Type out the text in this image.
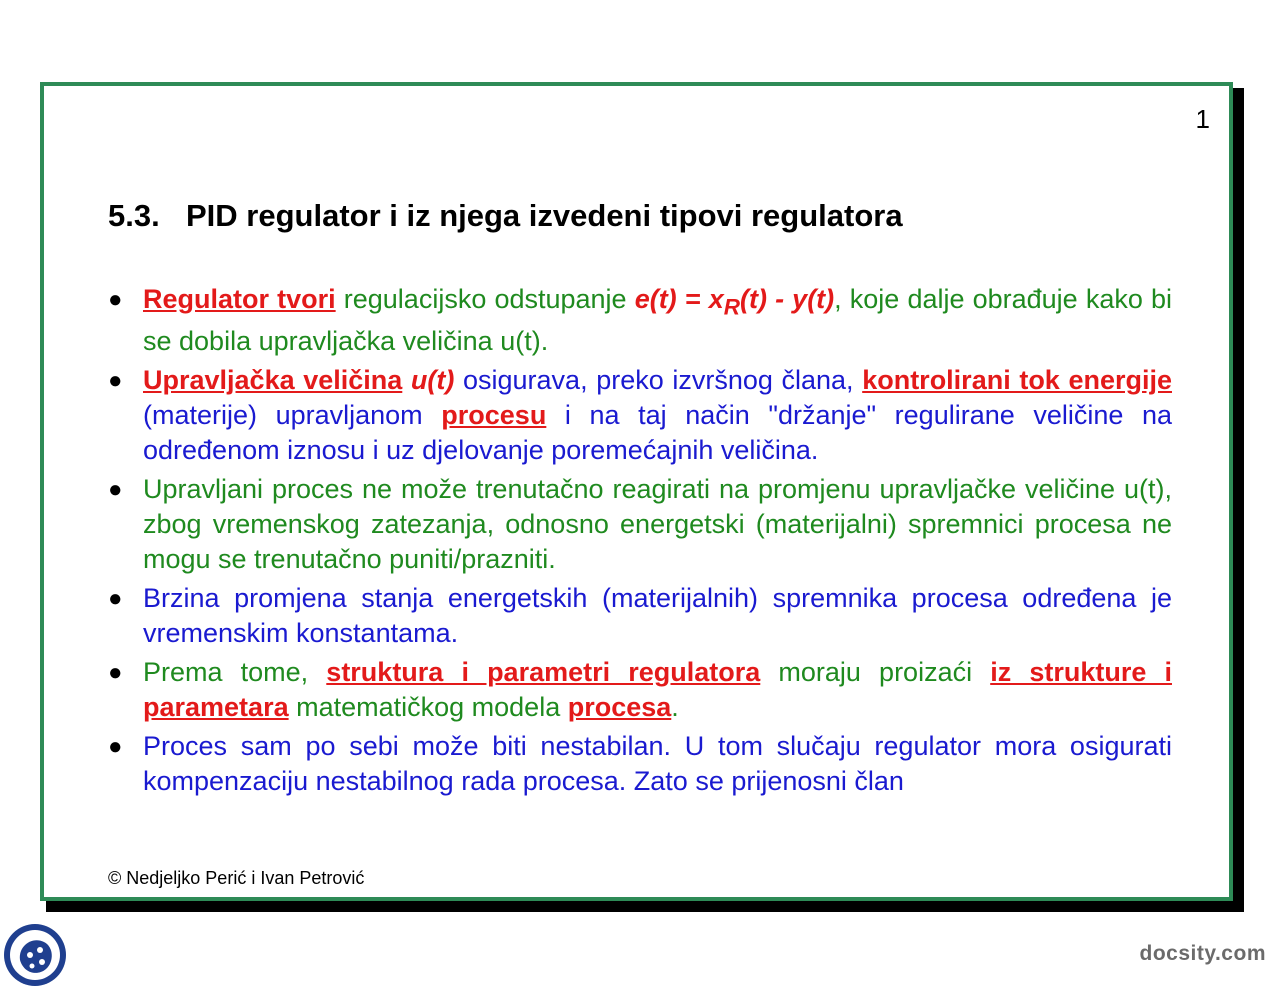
1
5.3. PID regulator i iz njega izvedeni tipovi regulatora
● Regulator tvori regulacijsko odstupanje $e(t) = x_R(t) - y(t)$, koje dalje obrađuje kako bi se dobila upravljačka veličina u(t).
● Upravljačka veličina u(t) osigurava, preko izvršnog člana, kontrolirani tok energije (materije) upravljanom procesu i na taj način "držanje" regulirane veličine na određenom iznosu i uz djelovanje poremećajnih veličina.
● Upravljani proces ne može trenutačno reagirati na promjenu upravljačke veličine u(t), zbog vremenskog zatezanja, odnosno energetski (materijalni) spremnici procesa ne mogu se trenutačno puniti/prazniti.
● Brzina promjena stanja energetskih (materijalnih) spremnika procesa određena je vremenskim konstantama.
● Prema tome, struktura i parametri regulatora moraju proizaći iz strukture i parametara matematičkog modela procesa.
● Proces sam po sebi može biti nestabilan. U tom slučaju regulator mora osigurati kompenzaciju nestabilnog rada procesa. Zato se prijenosni član
© Nedjeljko Perić i Ivan Petrović
docsity.com
